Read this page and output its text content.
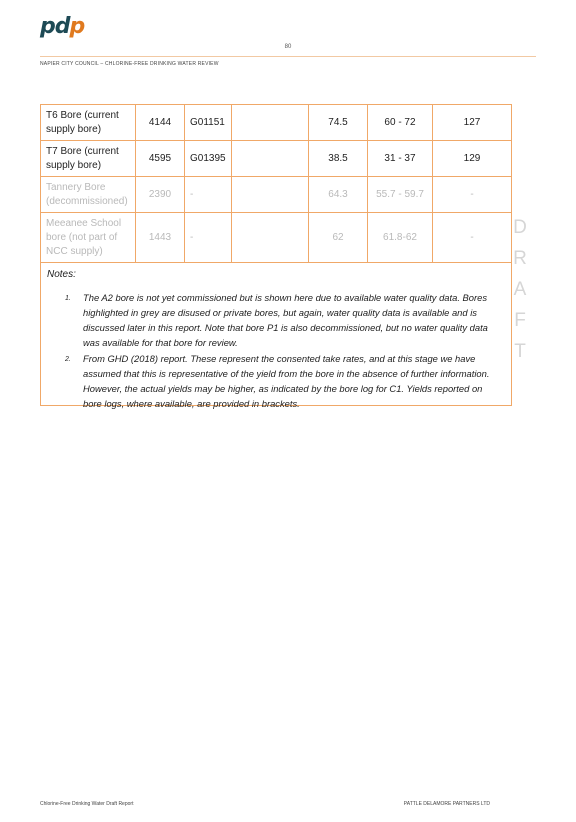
pdp
80
NAPIER CITY COUNCIL – CHLORINE-FREE DRINKING WATER REVIEW
T6 Bore (current
supply bore)	4144	G01151		74.5	60 - 72	127
T7 Bore (current
supply bore)	4595	G01395		38.5	31 - 37	129
Tannery Bore
(decommissioned)	2390	-		64.3	55.7 - 59.7	-
Meeanee School
bore (not part of
NCC supply)	1443	-		62	61.8-62	-
Notes:
1. The A2 bore is not yet commissioned but is shown here due to available water quality data. Bores highlighted in grey are disused or private bores, but again, water quality data is available and is discussed later in this report. Note that bore P1 is also decommissioned, but no water quality data was available for that bore for review.
2. From GHD (2018) report. These represent the consented take rates, and at this stage we have assumed that this is representative of the yield from the bore in the absence of further information. However, the actual yields may be higher, as indicated by the bore log for C1. Yields reported on bore logs, where available, are provided in brackets.
D
R
A
F
T
Chlorine-Free Drinking Water Draft Report	PATTLE DELAMORE PARTNERS LTD
